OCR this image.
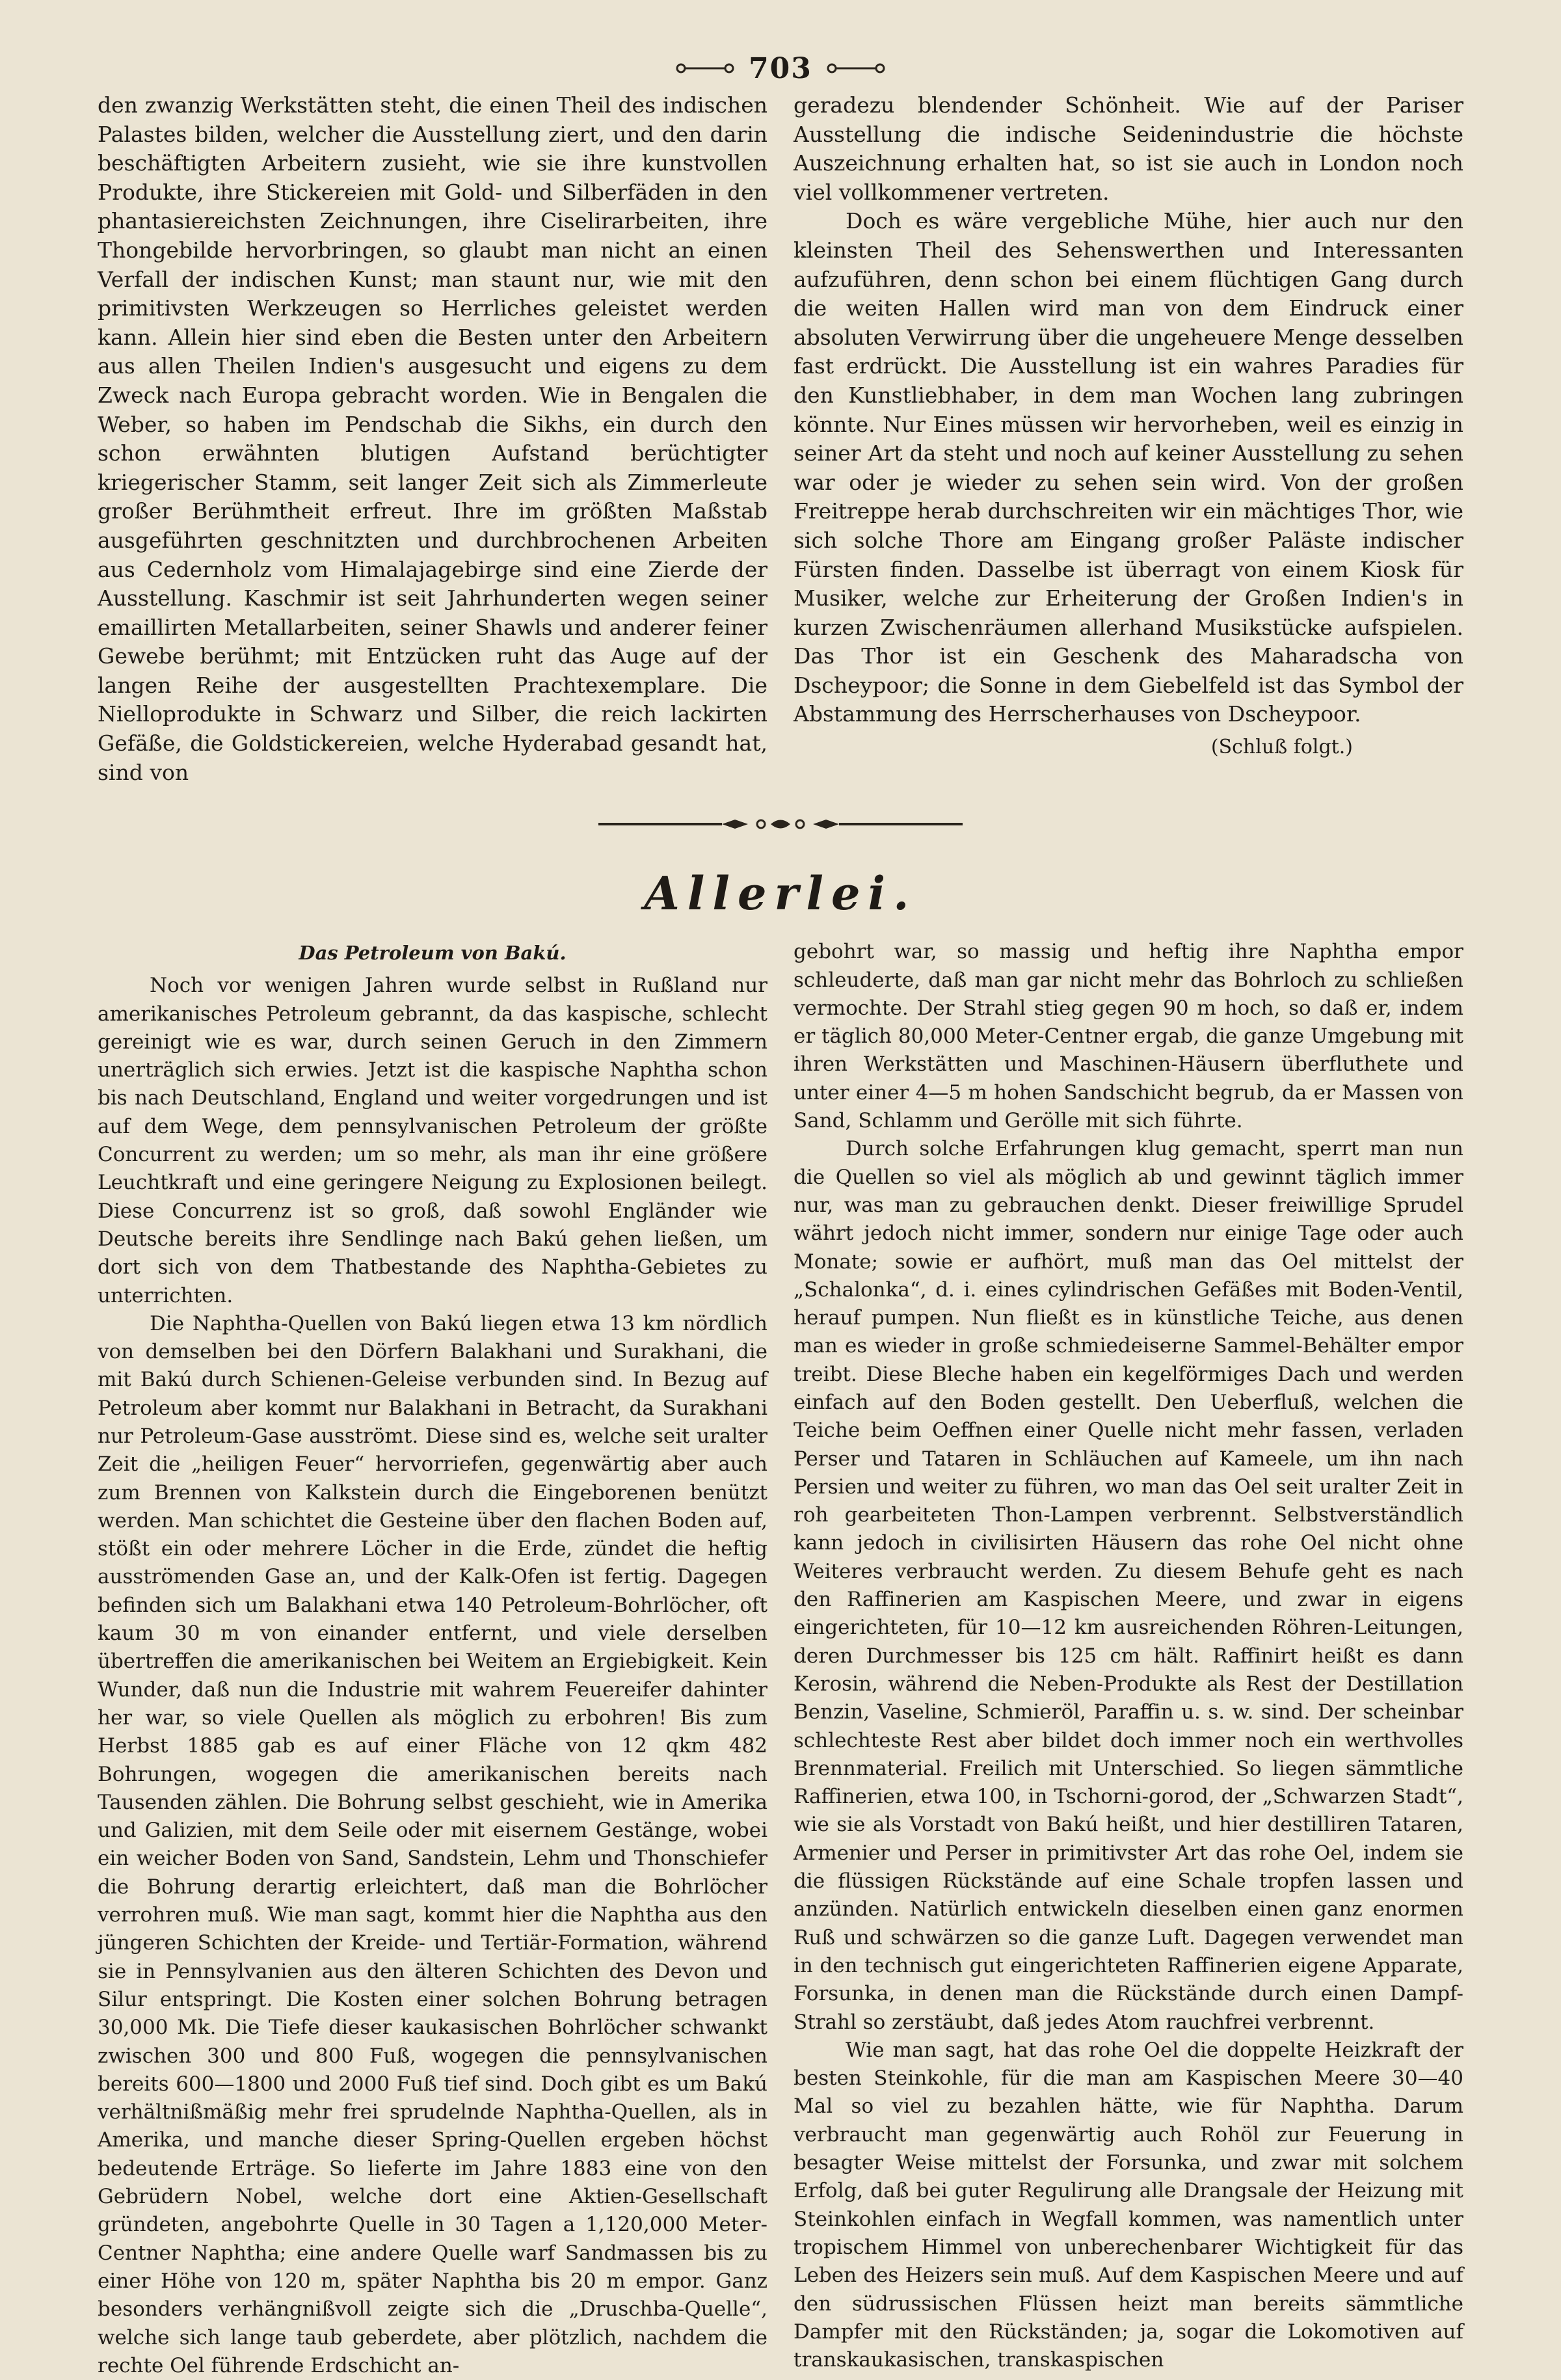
703

den zwanzig Werkstätten steht, die einen Theil des indischen Palastes bilden, welcher die Ausstellung ziert, und den darin beschäftigten Arbeitern zusieht, wie sie ihre kunstvollen Produkte, ihre Stickereien mit Gold- und Silberfäden in den phantasiereichsten Zeichnungen, ihre Ciselirarbeiten, ihre Thongebilde hervorbringen, so glaubt man nicht an einen Verfall der indischen Kunst; man staunt nur, wie mit den primitivsten Werkzeugen so Herrliches geleistet werden kann. Allein hier sind eben die Besten unter den Arbeitern aus allen Theilen Indien's ausgesucht und eigens zu dem Zweck nach Europa gebracht worden. Wie in Bengalen die Weber, so haben im Pendschab die Sikhs, ein durch den schon erwähnten blutigen Aufstand berüchtigter kriegerischer Stamm, seit langer Zeit sich als Zimmerleute großer Berühmtheit erfreut. Ihre im größten Maßstab ausgeführten geschnitzten und durchbrochenen Arbeiten aus Cedernholz vom Himalajagebirge sind eine Zierde der Ausstellung. Kaschmir ist seit Jahrhunderten wegen seiner emaillirten Metallarbeiten, seiner Shawls und anderer feiner Gewebe berühmt; mit Entzücken ruht das Auge auf der langen Reihe der ausgestellten Prachtexemplare. Die Nielloprodukte in Schwarz und Silber, die reich lackirten Gefäße, die Goldstickereien, welche Hyderabad gesandt hat, sind von

geradezu blendender Schönheit. Wie auf der Pariser Ausstellung die indische Seidenindustrie die höchste Auszeichnung erhalten hat, so ist sie auch in London noch viel vollkommener vertreten.

Doch es wäre vergebliche Mühe, hier auch nur den kleinsten Theil des Sehenswerthen und Interessanten aufzuführen, denn schon bei einem flüchtigen Gang durch die weiten Hallen wird man von dem Eindruck einer absoluten Verwirrung über die ungeheuere Menge desselben fast erdrückt. Die Ausstellung ist ein wahres Paradies für den Kunstliebhaber, in dem man Wochen lang zubringen könnte. Nur Eines müssen wir hervorheben, weil es einzig in seiner Art da steht und noch auf keiner Ausstellung zu sehen war oder je wieder zu sehen sein wird. Von der großen Freitreppe herab durchschreiten wir ein mächtiges Thor, wie sich solche Thore am Eingang großer Paläste indischer Fürsten finden. Dasselbe ist überragt von einem Kiosk für Musiker, welche zur Erheiterung der Großen Indien's in kurzen Zwischenräumen allerhand Musikstücke aufspielen. Das Thor ist ein Geschenk des Maharadscha von Dscheypoor; die Sonne in dem Giebelfeld ist das Symbol der Abstammung des Herrscherhauses von Dscheypoor.

(Schluß folgt.)
Allerlei.
Das Petroleum von Bakú.

Noch vor wenigen Jahren wurde selbst in Rußland nur amerikanisches Petroleum gebrannt, da das kaspische, schlecht gereinigt wie es war, durch seinen Geruch in den Zimmern unerträglich sich erwies. Jetzt ist die kaspische Naphtha schon bis nach Deutschland, England und weiter vorgedrungen und ist auf dem Wege, dem pennsylvanischen Petroleum der größte Concurrent zu werden; um so mehr, als man ihr eine größere Leuchtkraft und eine geringere Neigung zu Explosionen beilegt. Diese Concurrenz ist so groß, daß sowohl Engländer wie Deutsche bereits ihre Sendlinge nach Bakú gehen ließen, um dort sich von dem Thatbestande des Naphtha-Gebietes zu unterrichten.

Die Naphtha-Quellen von Bakú liegen etwa 13 km nördlich von demselben bei den Dörfern Balakhani und Surakhani, die mit Bakú durch Schienen-Geleise verbunden sind. In Bezug auf Petroleum aber kommt nur Balakhani in Betracht, da Surakhani nur Petroleum-Gase ausströmt. Diese sind es, welche seit uralter Zeit die „heiligen Feuer“ hervorriefen, gegenwärtig aber auch zum Brennen von Kalkstein durch die Eingeborenen benützt werden. Man schichtet die Gesteine über den flachen Boden auf, stößt ein oder mehrere Löcher in die Erde, zündet die heftig ausströmenden Gase an, und der Kalk-Ofen ist fertig. Dagegen befinden sich um Balakhani etwa 140 Petroleum-Bohrlöcher, oft kaum 30 m von einander entfernt, und viele derselben übertreffen die amerikanischen bei Weitem an Ergiebigkeit. Kein Wunder, daß nun die Industrie mit wahrem Feuereifer dahinter her war, so viele Quellen als möglich zu erbohren! Bis zum Herbst 1885 gab es auf einer Fläche von 12 qkm 482 Bohrungen, wogegen die amerikanischen bereits nach Tausenden zählen. Die Bohrung selbst geschieht, wie in Amerika und Galizien, mit dem Seile oder mit eisernem Gestänge, wobei ein weicher Boden von Sand, Sandstein, Lehm und Thonschiefer die Bohrung derartig erleichtert, daß man die Bohrlöcher verrohren muß. Wie man sagt, kommt hier die Naphtha aus den jüngeren Schichten der Kreide- und Tertiär-Formation, während sie in Pennsylvanien aus den älteren Schichten des Devon und Silur entspringt. Die Kosten einer solchen Bohrung betragen 30,000 Mk. Die Tiefe dieser kaukasischen Bohrlöcher schwankt zwischen 300 und 800 Fuß, wogegen die pennsylvanischen bereits 600—1800 und 2000 Fuß tief sind. Doch gibt es um Bakú verhältnißmäßig mehr frei sprudelnde Naphtha-Quellen, als in Amerika, und manche dieser Spring-Quellen ergeben höchst bedeutende Erträge. So lieferte im Jahre 1883 eine von den Gebrüdern Nobel, welche dort eine Aktien-Gesellschaft gründeten, angebohrte Quelle in 30 Tagen a 1,120,000 Meter-Centner Naphtha; eine andere Quelle warf Sandmassen bis zu einer Höhe von 120 m, später Naphtha bis 20 m empor. Ganz besonders verhängnißvoll zeigte sich die „Druschba-Quelle“, welche sich lange taub geberdete, aber plötzlich, nachdem die rechte Oel führende Erdschicht an-

gebohrt war, so massig und heftig ihre Naphtha empor schleuderte, daß man gar nicht mehr das Bohrloch zu schließen vermochte. Der Strahl stieg gegen 90 m hoch, so daß er, indem er täglich 80,000 Meter-Centner ergab, die ganze Umgebung mit ihren Werkstätten und Maschinen-Häusern überfluthete und unter einer 4—5 m hohen Sandschicht begrub, da er Massen von Sand, Schlamm und Gerölle mit sich führte.

Durch solche Erfahrungen klug gemacht, sperrt man nun die Quellen so viel als möglich ab und gewinnt täglich immer nur, was man zu gebrauchen denkt. Dieser freiwillige Sprudel währt jedoch nicht immer, sondern nur einige Tage oder auch Monate; sowie er aufhört, muß man das Oel mittelst der „Schalonka“, d. i. eines cylindrischen Gefäßes mit Boden-Ventil, herauf pumpen. Nun fließt es in künstliche Teiche, aus denen man es wieder in große schmiedeiserne Sammel-Behälter empor treibt. Diese Bleche haben ein kegelförmiges Dach und werden einfach auf den Boden gestellt. Den Ueberfluß, welchen die Teiche beim Oeffnen einer Quelle nicht mehr fassen, verladen Perser und Tataren in Schläuchen auf Kameele, um ihn nach Persien und weiter zu führen, wo man das Oel seit uralter Zeit in roh gearbeiteten Thon-Lampen verbrennt. Selbstverständlich kann jedoch in civilisirten Häusern das rohe Oel nicht ohne Weiteres verbraucht werden. Zu diesem Behufe geht es nach den Raffinerien am Kaspischen Meere, und zwar in eigens eingerichteten, für 10—12 km ausreichenden Röhren-Leitungen, deren Durchmesser bis 125 cm hält. Raffinirt heißt es dann Kerosin, während die Neben-Produkte als Rest der Destillation Benzin, Vaseline, Schmieröl, Paraffin u. s. w. sind. Der scheinbar schlechteste Rest aber bildet doch immer noch ein werthvolles Brennmaterial. Freilich mit Unterschied. So liegen sämmtliche Raffinerien, etwa 100, in Tschorni-gorod, der „Schwarzen Stadt“, wie sie als Vorstadt von Bakú heißt, und hier destilliren Tataren, Armenier und Perser in primitivster Art das rohe Oel, indem sie die flüssigen Rückstände auf eine Schale tropfen lassen und anzünden. Natürlich entwickeln dieselben einen ganz enormen Ruß und schwärzen so die ganze Luft. Dagegen verwendet man in den technisch gut eingerichteten Raffinerien eigene Apparate, Forsunka, in denen man die Rückstände durch einen Dampf-Strahl so zerstäubt, daß jedes Atom rauchfrei verbrennt.

Wie man sagt, hat das rohe Oel die doppelte Heizkraft der besten Steinkohle, für die man am Kaspischen Meere 30—40 Mal so viel zu bezahlen hätte, wie für Naphtha. Darum verbraucht man gegenwärtig auch Rohöl zur Feuerung in besagter Weise mittelst der Forsunka, und zwar mit solchem Erfolg, daß bei guter Regulirung alle Drangsale der Heizung mit Steinkohlen einfach in Wegfall kommen, was namentlich unter tropischem Himmel von unberechenbarer Wichtigkeit für das Leben des Heizers sein muß. Auf dem Kaspischen Meere und auf den südrussischen Flüssen heizt man bereits sämmtliche Dampfer mit den Rückständen; ja, sogar die Lokomotiven auf transkaukasischen, transkaspischen
